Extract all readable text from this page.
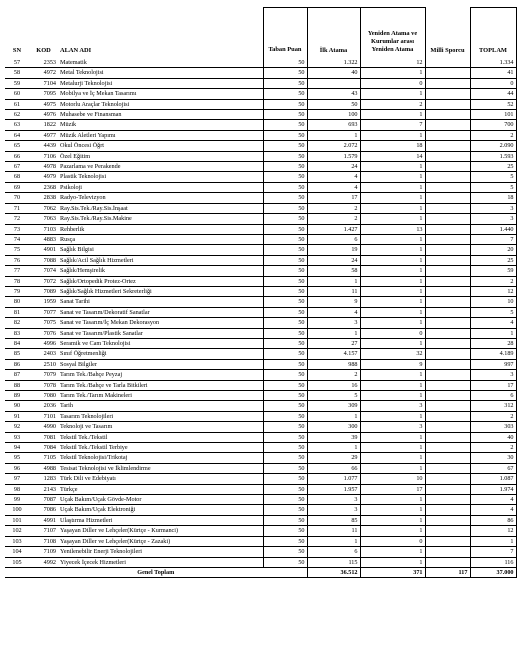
SN	KOD	ALAN ADI	Taban Puan	İlk Atama	Yeniden Atama ve Kurumlar arası Yeniden Atama	Milli Sporcu	TOPLAM
57	2353	Matematik	50	1.322	12		1.334
58	4972	Metal Teknolojisi	50	40	1		41
59	7104	Metalurji Teknolojisi	50		0		0
60	7095	Mobilya ve İç Mekan Tasarımı	50	43	1		44
61	4975	Motorlu Araçlar Teknolojisi	50	50	2		52
62	4976	Muhasebe ve Finansman	50	100	1		101
63	1822	Müzik	50	693	7		700
64	4977	Müzik Aletleri Yapımı	50	1	1		2
65	4439	Okul Öncesi Öğrt	50	2.072	18		2.090
66	7106	Özel Eğitim	50	1.579	14		1.593
67	4978	Pazarlama ve Perakende	50	24	1		25
68	4979	Plastik Teknolojisi	50	4	1		5
69	2368	Psikoloji	50	4	1		5
70	2838	Radyo-Televizyon	50	17	1		18
71	7062	Ray.Sis.Tek./Ray.Sis.İnşaat	50	2	1		3
72	7063	Ray.Sis.Tek./Ray.Sis.Makine	50	2	1		3
73	7103	Rehberlik	50	1.427	13		1.440
74	4883	Rusça	50	6	1		7
75	4901	Sağlık Bilgisi	50	19	1		20
76	7088	Sağlık/Acil Sağlık Hizmetleri	50	24	1		25
77	7074	Sağlık/Hemşirelik	50	58	1		59
78	7072	Sağlık/Ortopedik Protez-Ortez	50	1	1		2
79	7089	Sağlık/Sağlık Hizmetleri Sekreterliği	50	11	1		12
80	1959	Sanat Tarihi	50	9	1		10
81	7077	Sanat ve Tasarım/Dekoratif Sanatlar	50	4	1		5
82	7075	Sanat ve Tasarım/İç Mekan Dekorasyon	50	3	1		4
83	7076	Sanat ve Tasarım/Plastik Sanatlar	50	1	0		1
84	4996	Seramik ve Cam Teknolojisi	50	27	1		28
85	2403	Sınıf Öğretmenliği	50	4.157	32		4.189
86	2510	Sosyal Bilgiler	50	988	9		997
87	7079	Tarım Tek./Bahçe Peyzaj	50	2	1		3
88	7078	Tarım Tek./Bahçe ve Tarla Bitkileri	50	16	1		17
89	7080	Tarım Tek./Tarım Makineleri	50	5	1		6
90	2036	Tarih	50	309	3		312
91	7101	Tasarım Teknolojileri	50	1	1		2
92	4990	Teknoloji ve Tasarım	50	300	3		303
93	7081	Tekstil Tek./Tekstil	50	39	1		40
94	7084	Tekstil Tek./Tekstil Terbiye	50	1	1		2
95	7105	Tekstil Teknolojisi/Trikotaj	50	29	1		30
96	4988	Tesisat Teknolojisi ve İklimlendirme	50	66	1		67
97	1283	Türk Dili ve Edebiyatı	50	1.077	10		1.087
98	2143	Türkçe	50	1.957	17		1.974
99	7087	Uçak Bakım/Uçak Gövde-Motor	50	3	1		4
100	7086	Uçak Bakım/Uçak Elektroniği	50	3	1		4
101	4991	Ulaştırma Hizmetleri	50	85	1		86
102	7107	Yaşayan Diller ve Lehçeler(Kürtçe - Kurmanci)	50	11	1		12
103	7108	Yaşayan Diller ve Lehçeler(Kürtçe - Zazaki)	50	1	0		1
104	7109	Yenilenebilir Enerji Teknolojileri	50	6	1		7
105	4992	Yiyecek İçecek Hizmetleri	50	115	1		116
Genel Toplam				36.512	371	117	37.000
